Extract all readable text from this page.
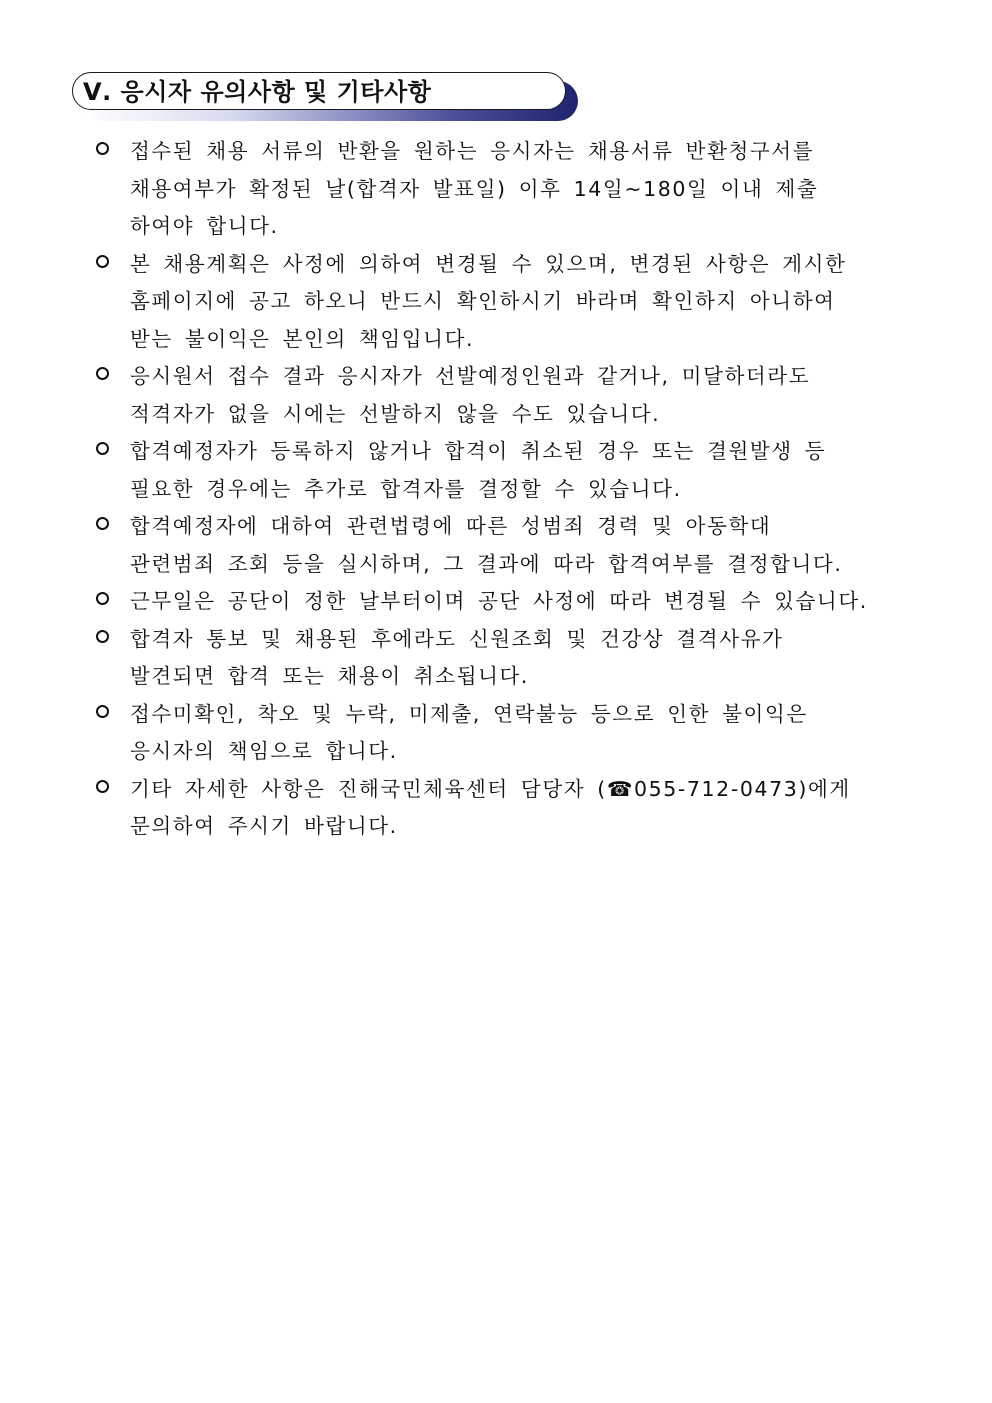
Ⅴ. 응시자 유의사항 및 기타사항
접수된 채용 서류의 반환을 원하는 응시자는 채용서류 반환청구서를
채용여부가 확정된 날(합격자 발표일) 이후 14일~180일 이내 제출
하여야 합니다.
본 채용계획은 사정에 의하여 변경될 수 있으며, 변경된 사항은 게시한
홈페이지에 공고 하오니 반드시 확인하시기 바라며 확인하지 아니하여
받는 불이익은 본인의 책임입니다.
응시원서 접수 결과 응시자가 선발예정인원과 같거나, 미달하더라도
적격자가 없을 시에는 선발하지 않을 수도 있습니다.
합격예정자가 등록하지 않거나 합격이 취소된 경우 또는 결원발생 등
필요한 경우에는 추가로 합격자를 결정할 수 있습니다.
합격예정자에 대하여 관련법령에 따른 성범죄 경력 및 아동학대
관련범죄 조회 등을 실시하며, 그 결과에 따라 합격여부를 결정합니다.
근무일은 공단이 정한 날부터이며 공단 사정에 따라 변경될 수 있습니다.
합격자 통보 및 채용된 후에라도 신원조회 및 건강상 결격사유가
발견되면 합격 또는 채용이 취소됩니다.
접수미확인, 착오 및 누락, 미제출, 연락불능 등으로 인한 불이익은
응시자의 책임으로 합니다.
기타 자세한 사항은 진해국민체육센터 담당자 (☎055-712-0473)에게
문의하여 주시기 바랍니다.
